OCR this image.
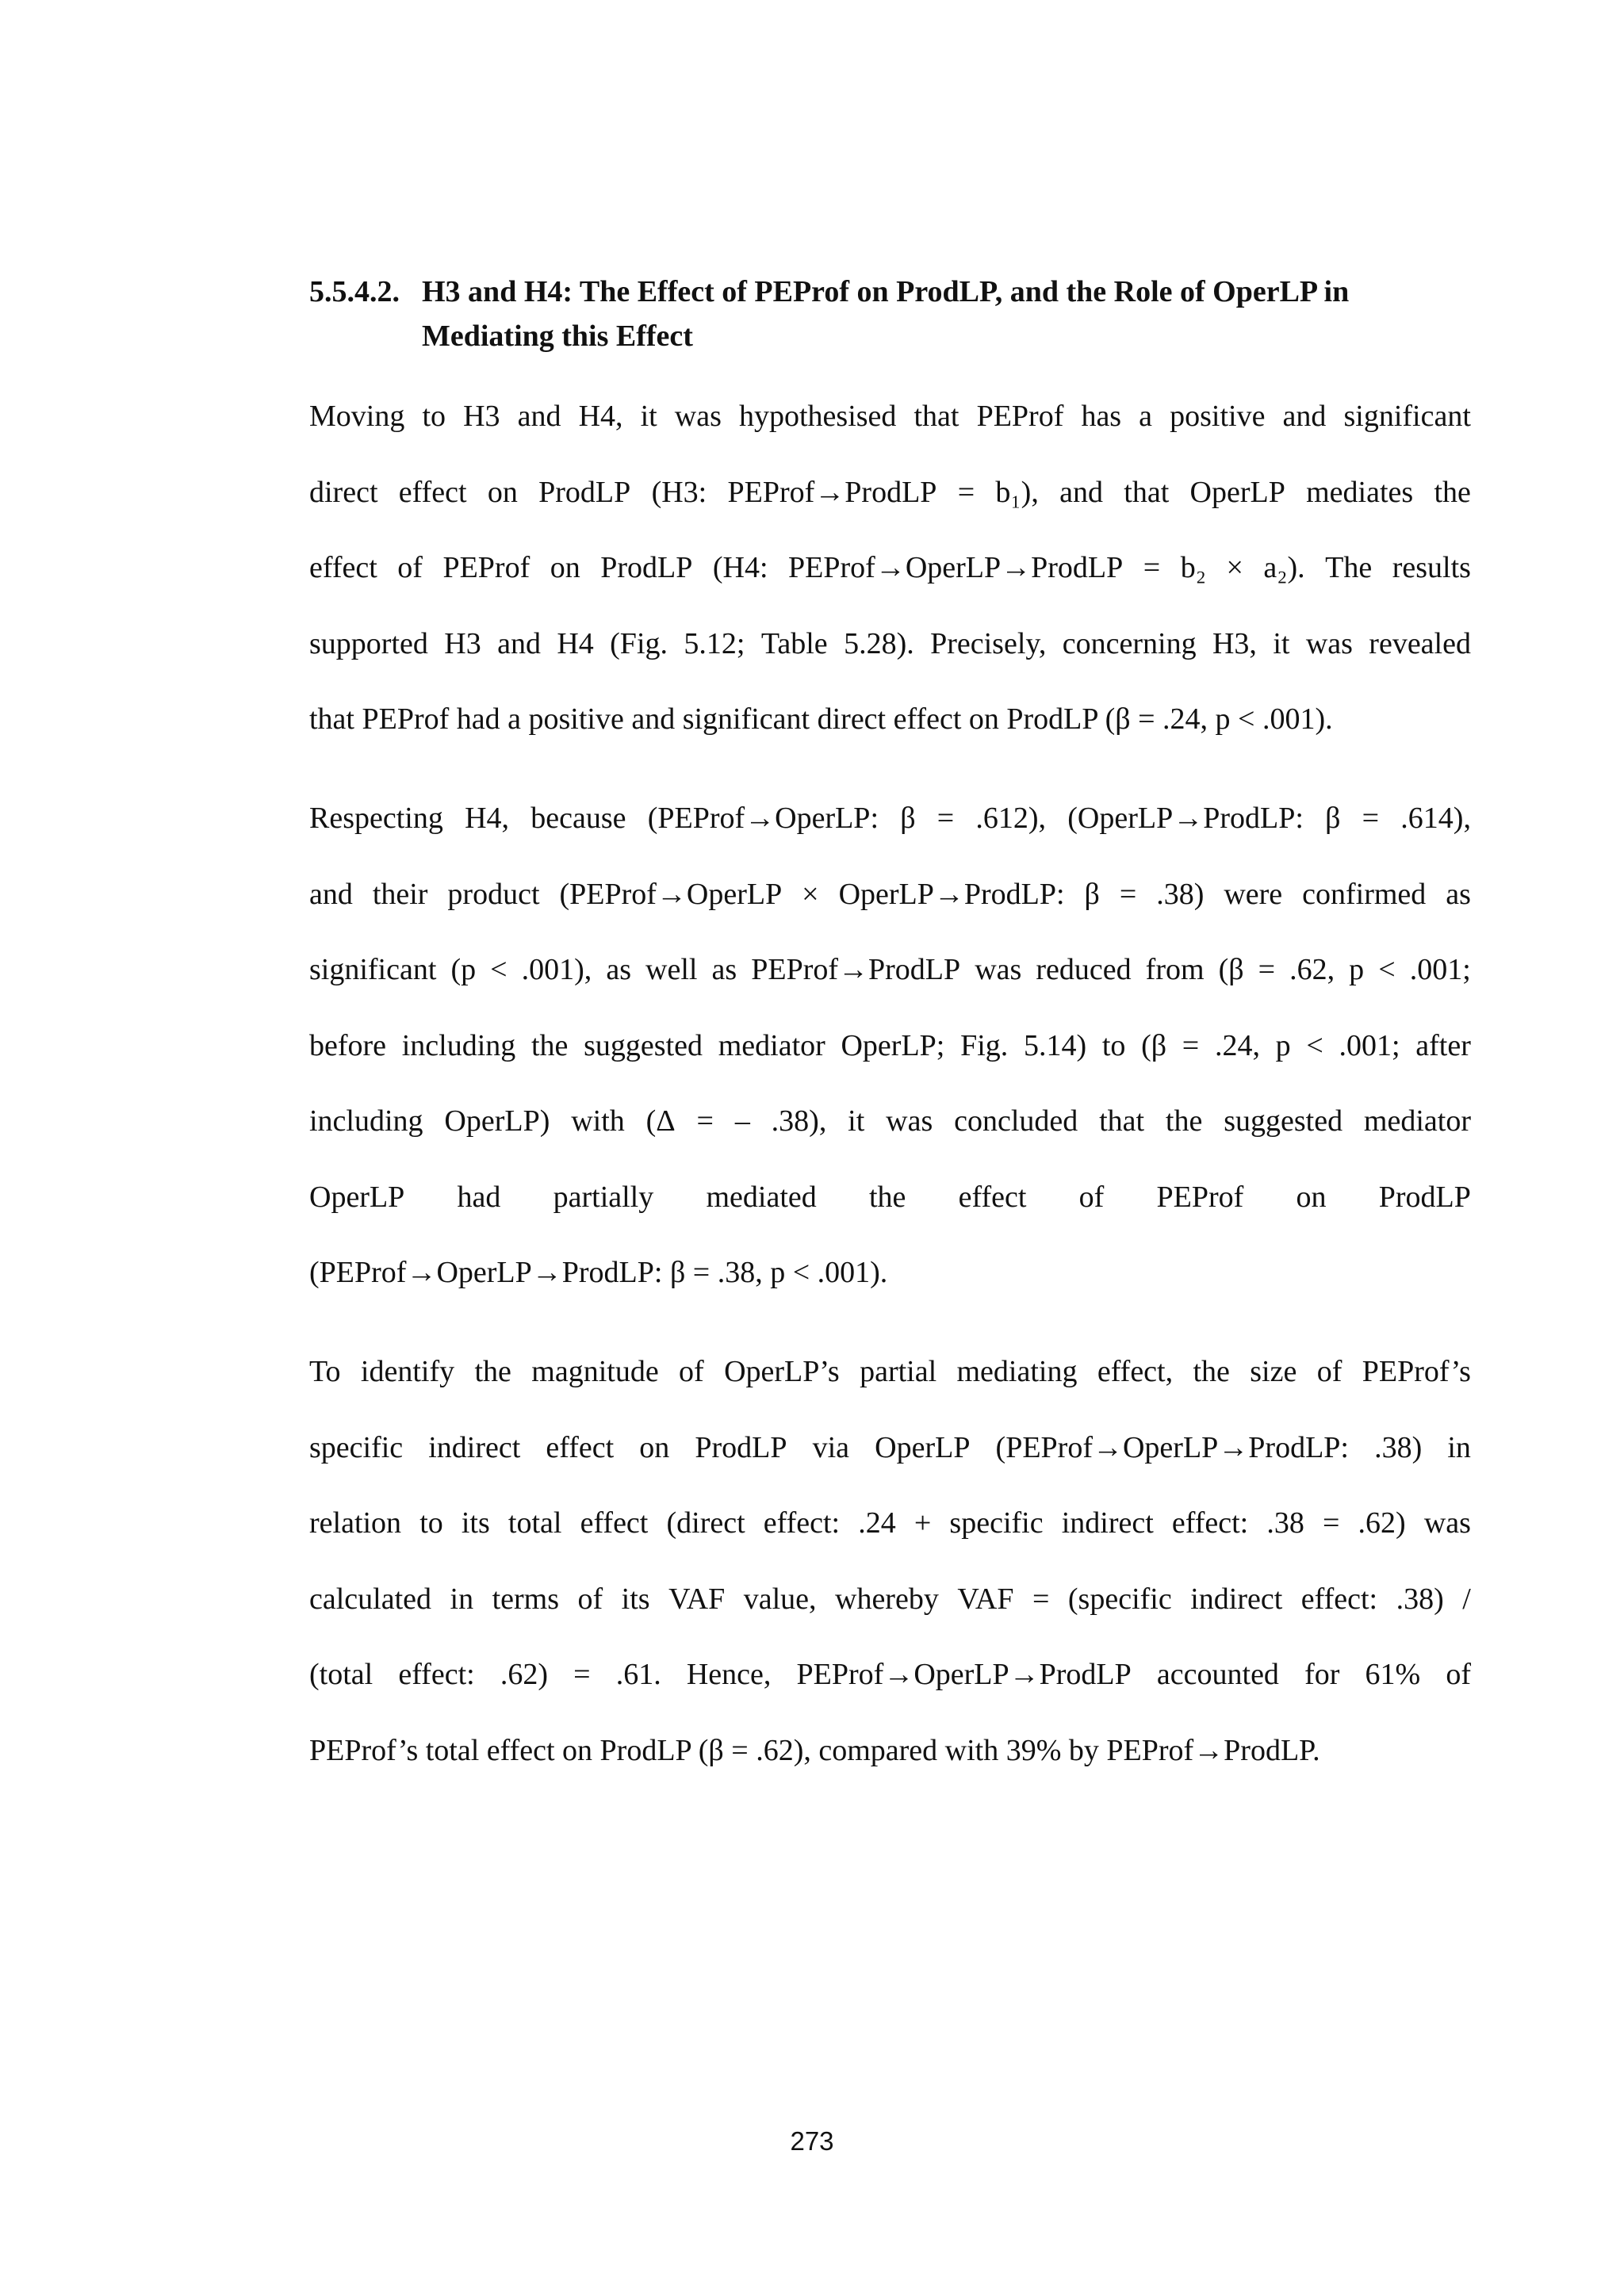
5.5.4.2. H3 and H4: The Effect of PEProf on ProdLP, and the Role of OperLP in
Mediating this Effect
Moving to H3 and H4, it was hypothesised that PEProf has a positive and significant
direct effect on ProdLP (H3: PEProf→ProdLP = b₁), and that OperLP mediates the
effect of PEProf on ProdLP (H4: PEProf→OperLP→ProdLP = b₂ × a₂). The results
supported H3 and H4 (Fig. 5.12; Table 5.28). Precisely, concerning H3, it was revealed
that PEProf had a positive and significant direct effect on ProdLP (β = .24, p < .001).
Respecting H4, because (PEProf→OperLP: β = .612), (OperLP→ProdLP: β = .614),
and their product (PEProf→OperLP × OperLP→ProdLP: β = .38) were confirmed as
significant (p < .001), as well as PEProf→ProdLP was reduced from (β = .62, p < .001;
before including the suggested mediator OperLP; Fig. 5.14) to (β = .24, p < .001; after
including OperLP) with (Δ = – .38), it was concluded that the suggested mediator
OperLP had partially mediated the effect of PEProf on ProdLP
(PEProf→OperLP→ProdLP: β = .38, p < .001).
To identify the magnitude of OperLP’s partial mediating effect, the size of PEProf’s
specific indirect effect on ProdLP via OperLP (PEProf→OperLP→ProdLP: .38) in
relation to its total effect (direct effect: .24 + specific indirect effect: .38 = .62) was
calculated in terms of its VAF value, whereby VAF = (specific indirect effect: .38) /
(total effect: .62) = .61. Hence, PEProf→OperLP→ProdLP accounted for 61% of
PEProf’s total effect on ProdLP (β = .62), compared with 39% by PEProf→ProdLP.
273
